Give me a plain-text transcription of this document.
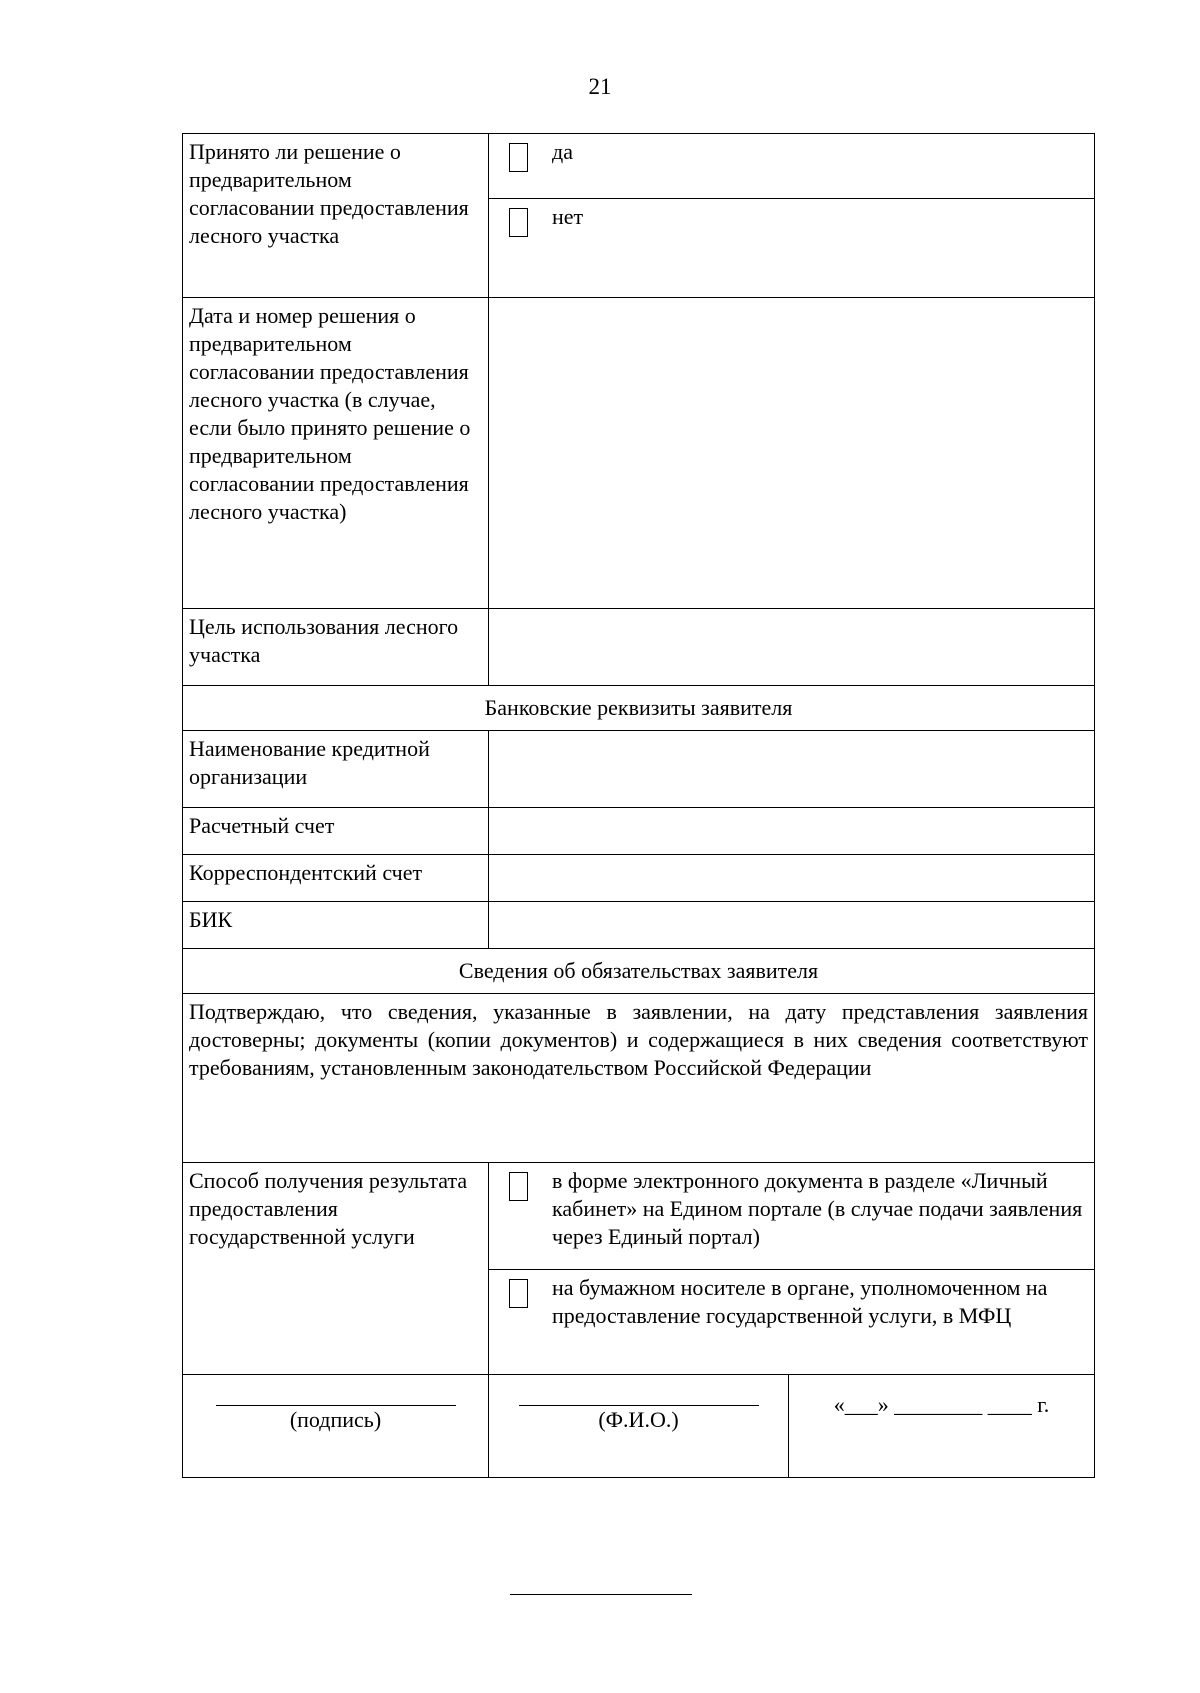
21
Принято ли решение о предварительном согласовании предоставления лесного участка	да	

	нет	

Дата и номер решения о предварительном согласовании предоставления лесного участка (в случае, если было принято решение о предварительном согласовании предоставления лесного участка)		
Цель использования лесного участка		
Банковские реквизиты заявителя		
Наименование кредитной организации		
Расчетный счет		
Корреспондентский счет		
БИК		
Сведения об обязательствах заявителя		
Подтверждаю, что сведения, указанные в заявлении, на дату представления заявления достоверны; документы (копии документов) и содержащиеся в них сведения соответствуют требованиям, установленным законодательством Российской Федерации		
Способ получения результата предоставления государственной услуги	в форме электронного документа в разделе «Личный кабинет» на Едином портале (в случае подачи заявления через Единый портал)	

	на бумажном носителе в органе, уполномоченном на предоставление государственной услуги, в МФЦ	

(подпись)	(Ф.И.О.)	«___» ________ ____ г.
